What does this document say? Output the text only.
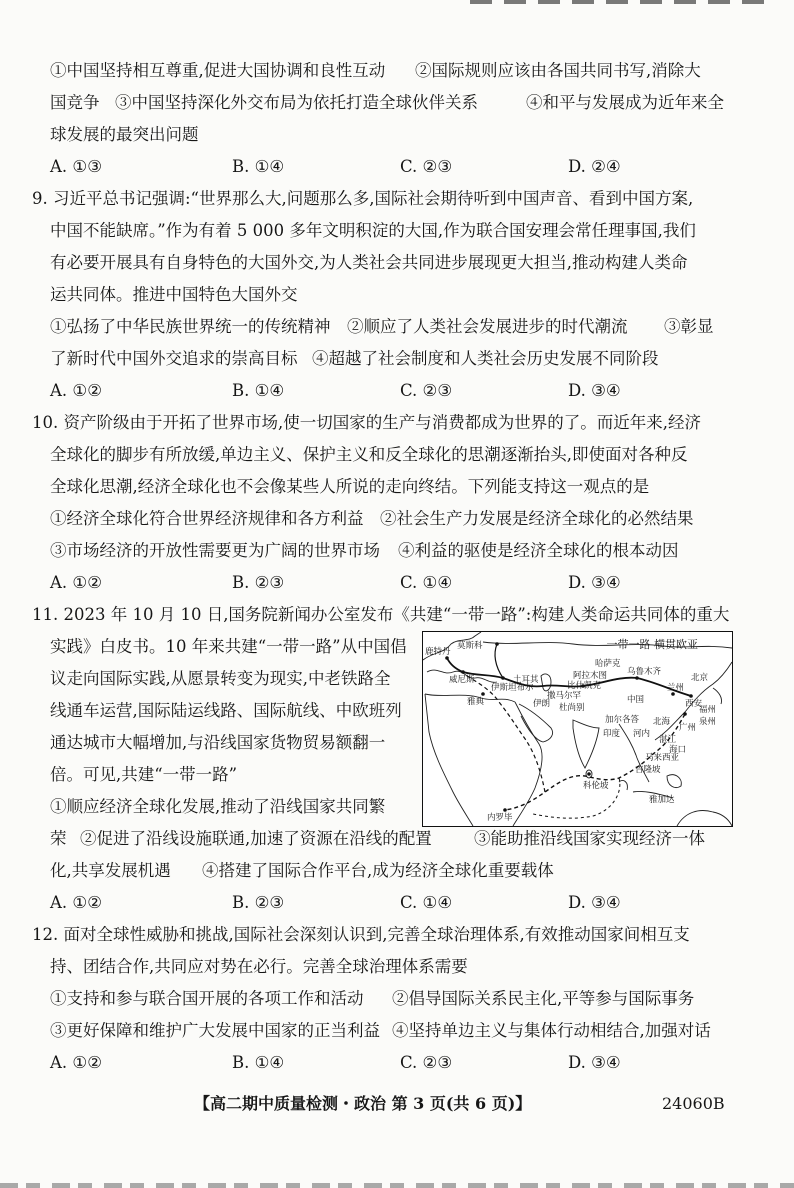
①中国坚持相互尊重,促进大国协调和良性互动 ②国际规则应该由各国共同书写,消除大
国竞争 ③中国坚持深化外交布局为依托打造全球伙伴关系	④和平与发展成为近年来全
球发展的最突出问题
A. ①③	B. ①④	C. ②③	D. ②④
9. 习近平总书记强调:“世界那么大,问题那么多,国际社会期待听到中国声音、看到中国方案,
中国不能缺席。”作为有着 5 000 多年文明积淀的大国,作为联合国安理会常任理事国,我们
有必要开展具有自身特色的大国外交,为人类社会共同进步展现更大担当,推动构建人类命
运共同体。推进中国特色大国外交
①弘扬了中华民族世界统一的传统精神 ②顺应了人类社会发展进步的时代潮流 ③彰显
了新时代中国外交追求的崇高目标 ④超越了社会制度和人类社会历史发展不同阶段
A. ①②	B. ①④	C. ②③	D. ③④
10. 资产阶级由于开拓了世界市场,使一切国家的生产与消费都成为世界的了。而近年来,经济
全球化的脚步有所放缓,单边主义、保护主义和反全球化的思潮逐渐抬头,即使面对各种反
全球化思潮,经济全球化也不会像某些人所说的走向终结。下列能支持这一观点的是
①经济全球化符合世界经济规律和各方利益 ②社会生产力发展是经济全球化的必然结果
③市场经济的开放性需要更为广阔的世界市场 ④利益的驱使是经济全球化的根本动因
A. ①②	B. ②③	C. ①④	D. ③④
11. 2023 年 10 月 10 日,国务院新闻办公室发布《共建“一带一路”:构建人类命运共同体的重大
实践》白皮书。10 年来共建“一带一路”从中国倡
议走向国际实践,从愿景转变为现实,中老铁路全
线通车运营,国际陆运线路、国际航线、中欧班列
通达城市大幅增加,与沿线国家货物贸易额翻一
倍。可见,共建“一带一路”
①顺应经济全球化发展,推动了沿线国家共同繁
荣 ②促进了沿线设施联通,加速了资源在沿线的配置	③能助推沿线国家实现经济一体
化,共享发展机遇 ④搭建了国际合作平台,成为经济全球化重要载体
A. ①②	B. ②③	C. ①④	D. ③④
一带一路 横贯欧亚
莫斯科
鹿特丹
威尼斯
雅典
伊斯坦布尔
土耳其
伊朗
撒马尔罕
阿拉木图
哈萨克
比什凯克
杜尚别
乌鲁木齐
兰州
北京
中国	西安
印度
北海
广州
泉州
福州
湛江
海口
河内
马来西亚
科伦坡
加尔各答
吉隆坡
雅加达
内罗毕
12. 面对全球性威胁和挑战,国际社会深刻认识到,完善全球治理体系,有效推动国家间相互支
持、团结合作,共同应对势在必行。完善全球治理体系需要
①支持和参与联合国开展的各项工作和活动 ②倡导国际关系民主化,平等参与国际事务
③更好保障和维护广大发展中国家的正当利益 ④坚持单边主义与集体行动相结合,加强对话
A. ①②	B. ①④	C. ②③	D. ③④
【高二期中质量检测・政治 第 3 页(共 6 页)】	24060B
